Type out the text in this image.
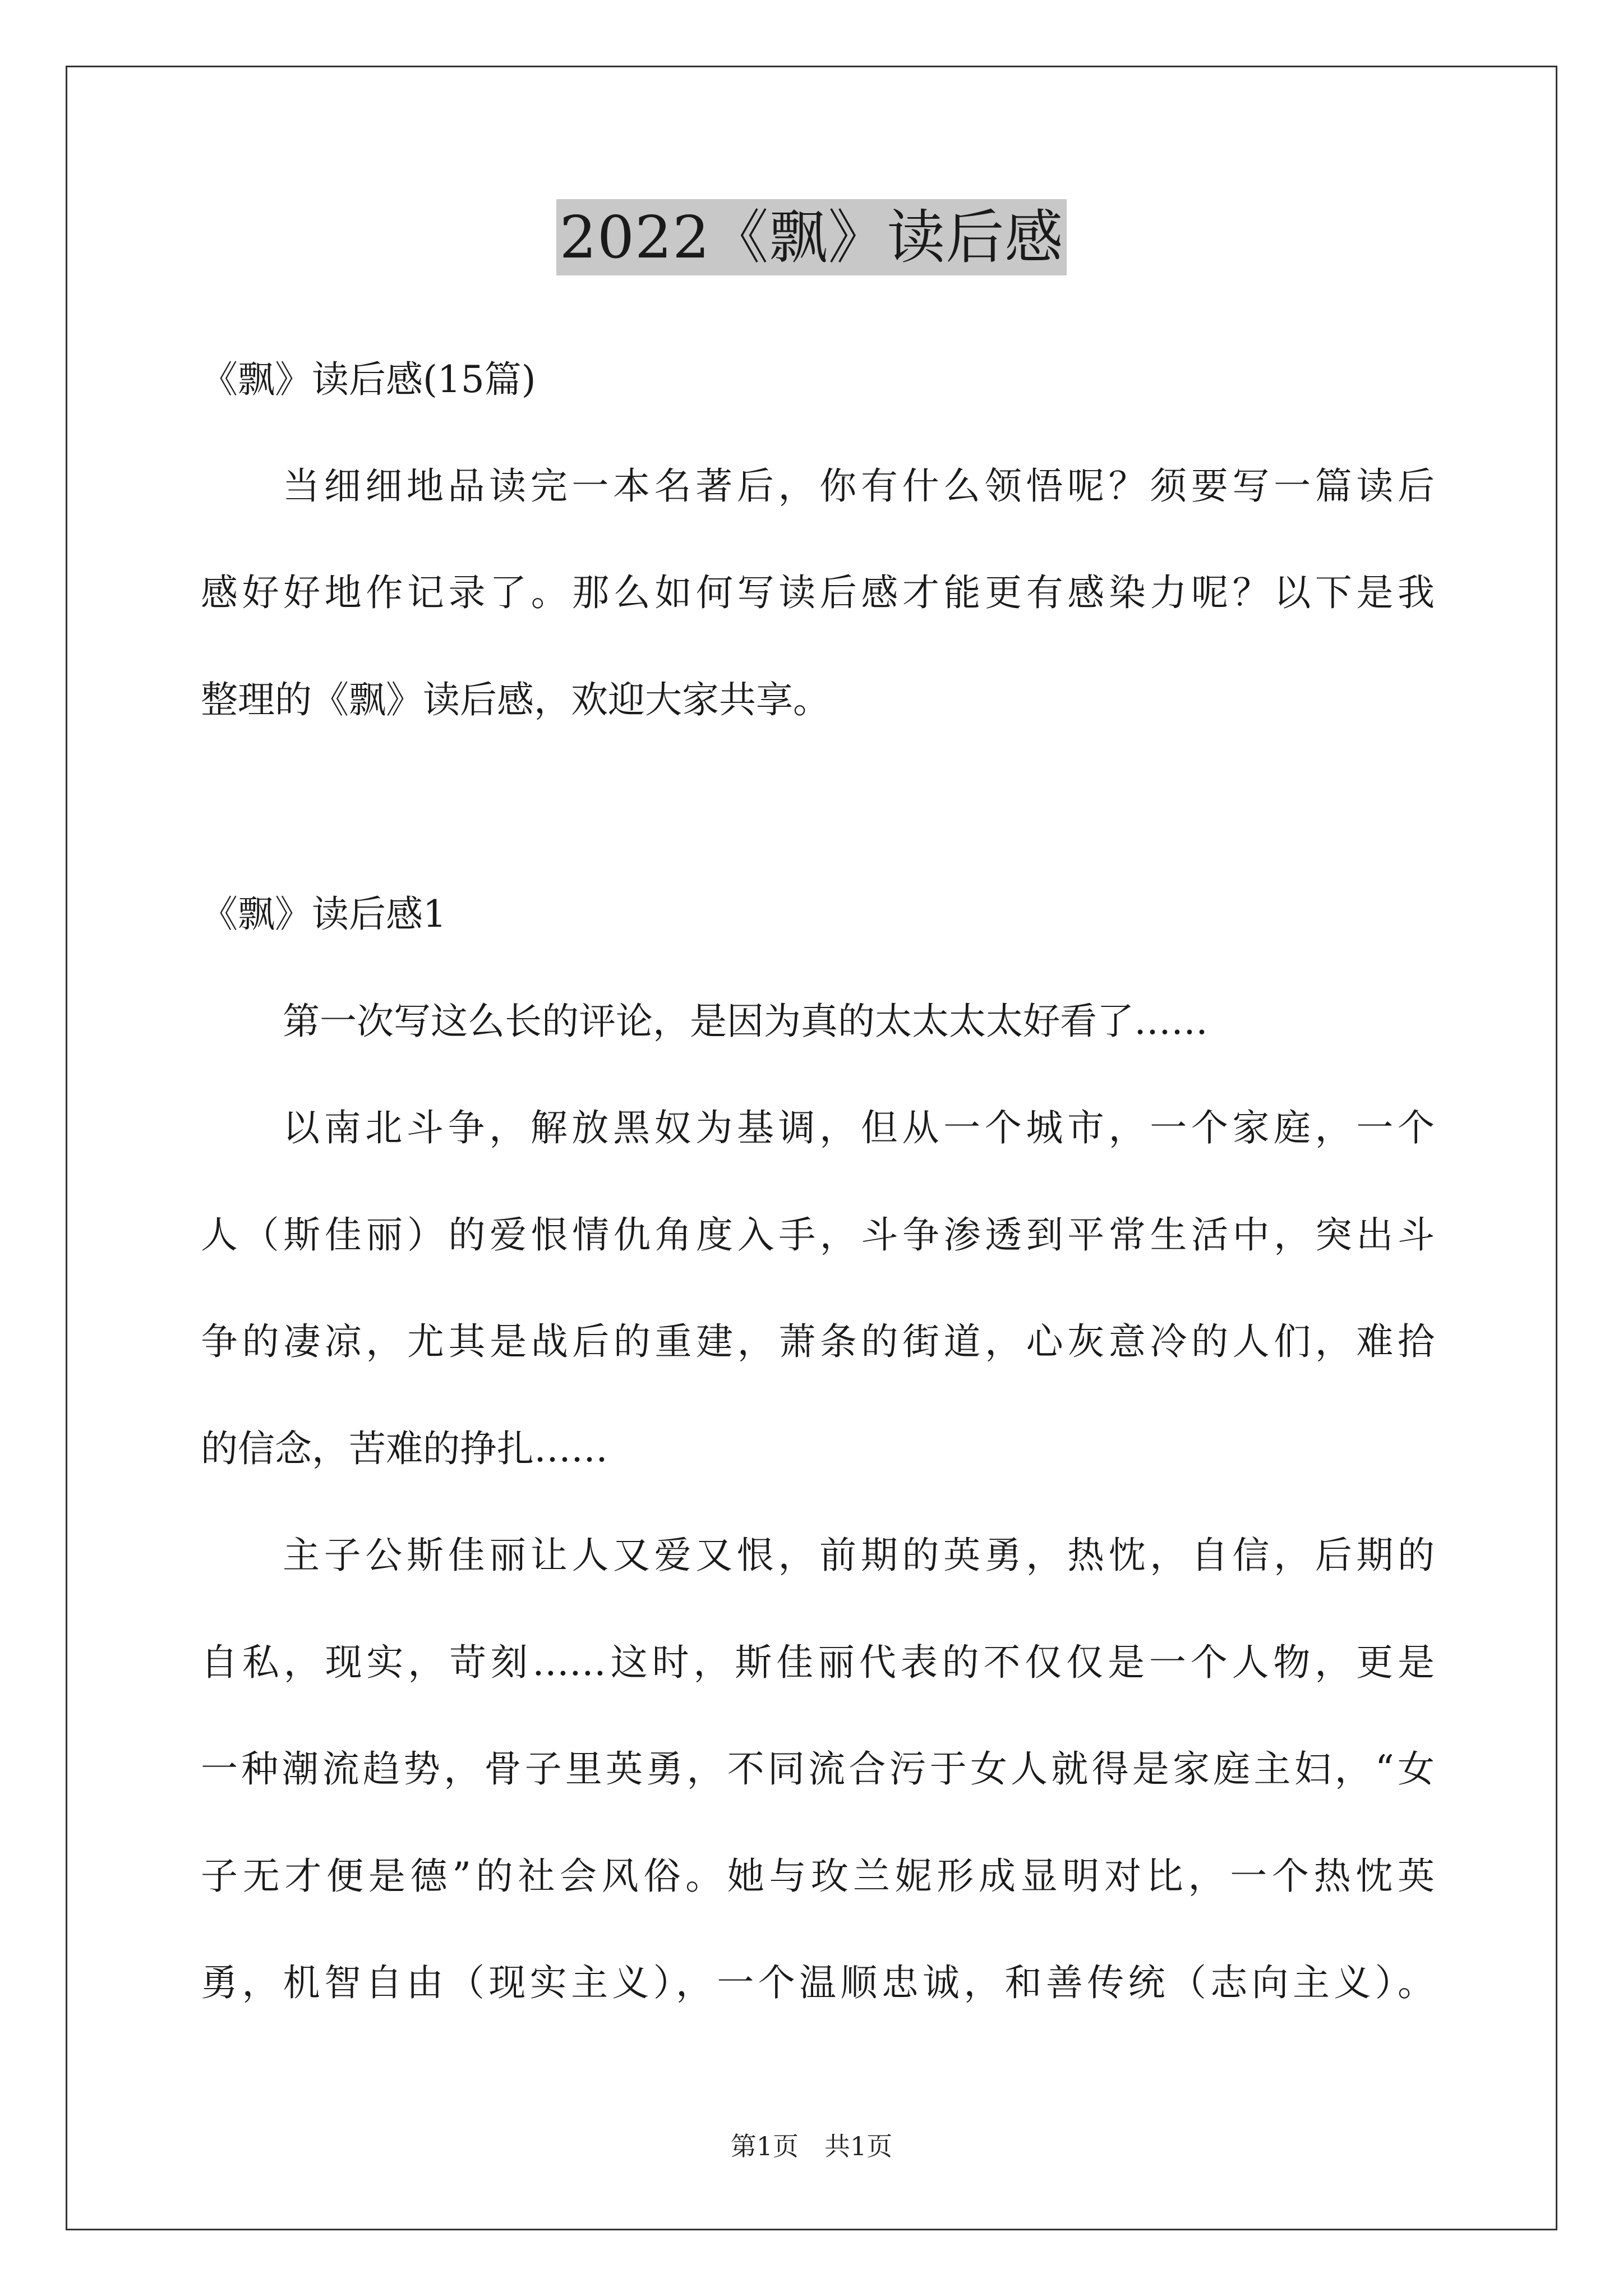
2022《飘》读后感
《飘》读后感(15篇)
当细细地品读完一本名著后，你有什么领悟呢？须要写一篇读后
感好好地作记录了。那么如何写读后感才能更有感染力呢？以下是我
整理的《飘》读后感，欢迎大家共享。
《飘》读后感1
第一次写这么长的评论，是因为真的太太太太好看了……
以南北斗争，解放黑奴为基调，但从一个城市，一个家庭，一个
人（斯佳丽）的爱恨情仇角度入手，斗争渗透到平常生活中，突出斗
争的凄凉，尤其是战后的重建，萧条的街道，心灰意冷的人们，难拾
的信念，苦难的挣扎……
主子公斯佳丽让人又爱又恨，前期的英勇，热忱，自信，后期的
自私，现实，苛刻……这时，斯佳丽代表的不仅仅是一个人物，更是
一种潮流趋势，骨子里英勇，不同流合污于女人就得是家庭主妇，“女
子无才便是德”的社会风俗。她与玫兰妮形成显明对比，一个热忱英
勇，机智自由（现实主义），一个温顺忠诚，和善传统（志向主义）。
第1页　共1页
